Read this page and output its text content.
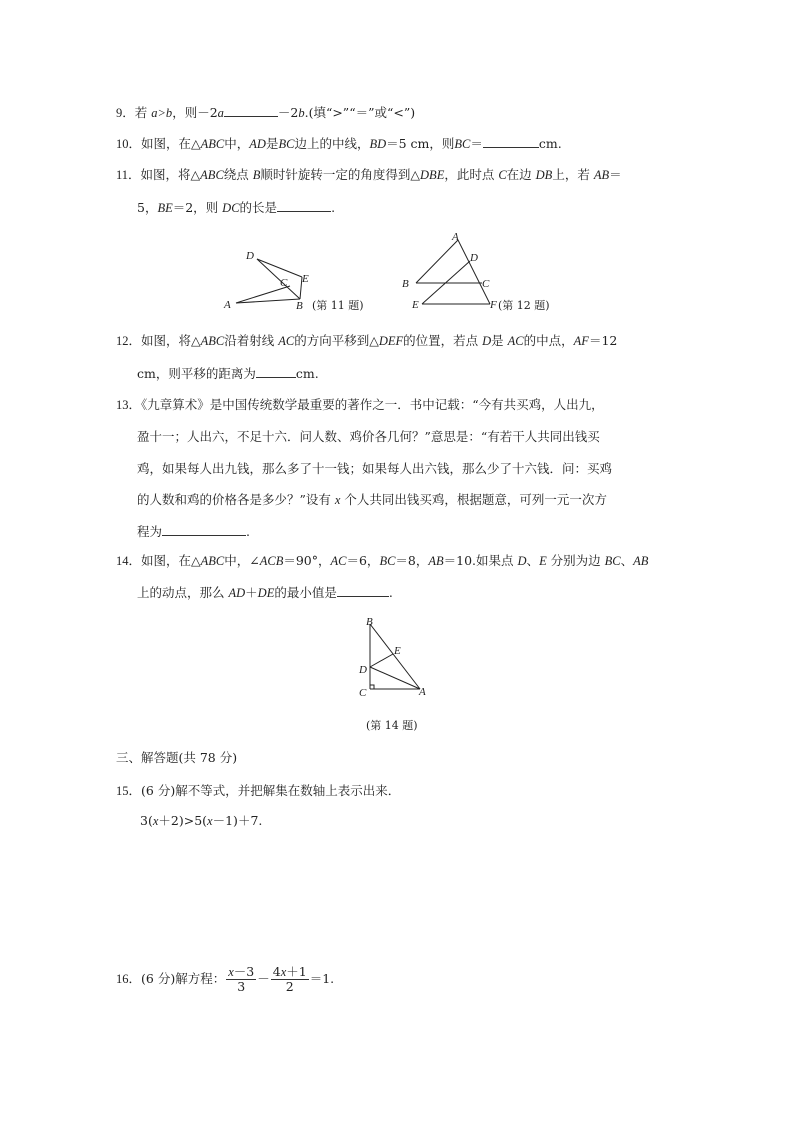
9．若 a>b，则－2a	－2b.(填“>”“＝”或“<”)
10．如图，在△ABC中，AD是BC边上的中线，BD＝5 cm，则BC＝	cm.
11．如图，将△ABC绕点 B顺时针旋转一定的角度得到△DBE，此时点 C在边 DB上，若 AB＝
5，BE＝2，则 DC的长是	.
D
C E
A	B (第 11 题)
A
D
B	C
E	F (第 12 题)
12．如图，将△ABC沿着射线 AC的方向平移到△DEF的位置，若点 D是 AC的中点，AF＝12
cm，则平移的距离为	cm.
13．《九章算术》是中国传统数学最重要的著作之一．书中记载：“今有共买鸡，人出九，
盈十一；人出六，不足十六．问人数、鸡价各几何？”意思是：“有若干人共同出钱买
鸡，如果每人出九钱，那么多了十一钱；如果每人出六钱，那么少了十六钱．问：买鸡
的人数和鸡的价格各是多少？”设有 x 个人共同出钱买鸡，根据题意，可列一元一次方
程为	.
14．如图，在△ABC中，∠ACB＝90°，AC＝6，BC＝8，AB＝10.如果点 D、E 分别为边 BC、AB
上的动点，那么 AD＋DE的最小值是	.
B
E
D
C	A
(第 14 题)
三、解答题(共 78 分)
15．(6 分)解不等式，并把解集在数轴上表示出来．
3(x＋2)>5(x－1)＋7.
16．(6 分)解方程： $\frac{x-3}{3} - \frac{4x+1}{2} =1$.
